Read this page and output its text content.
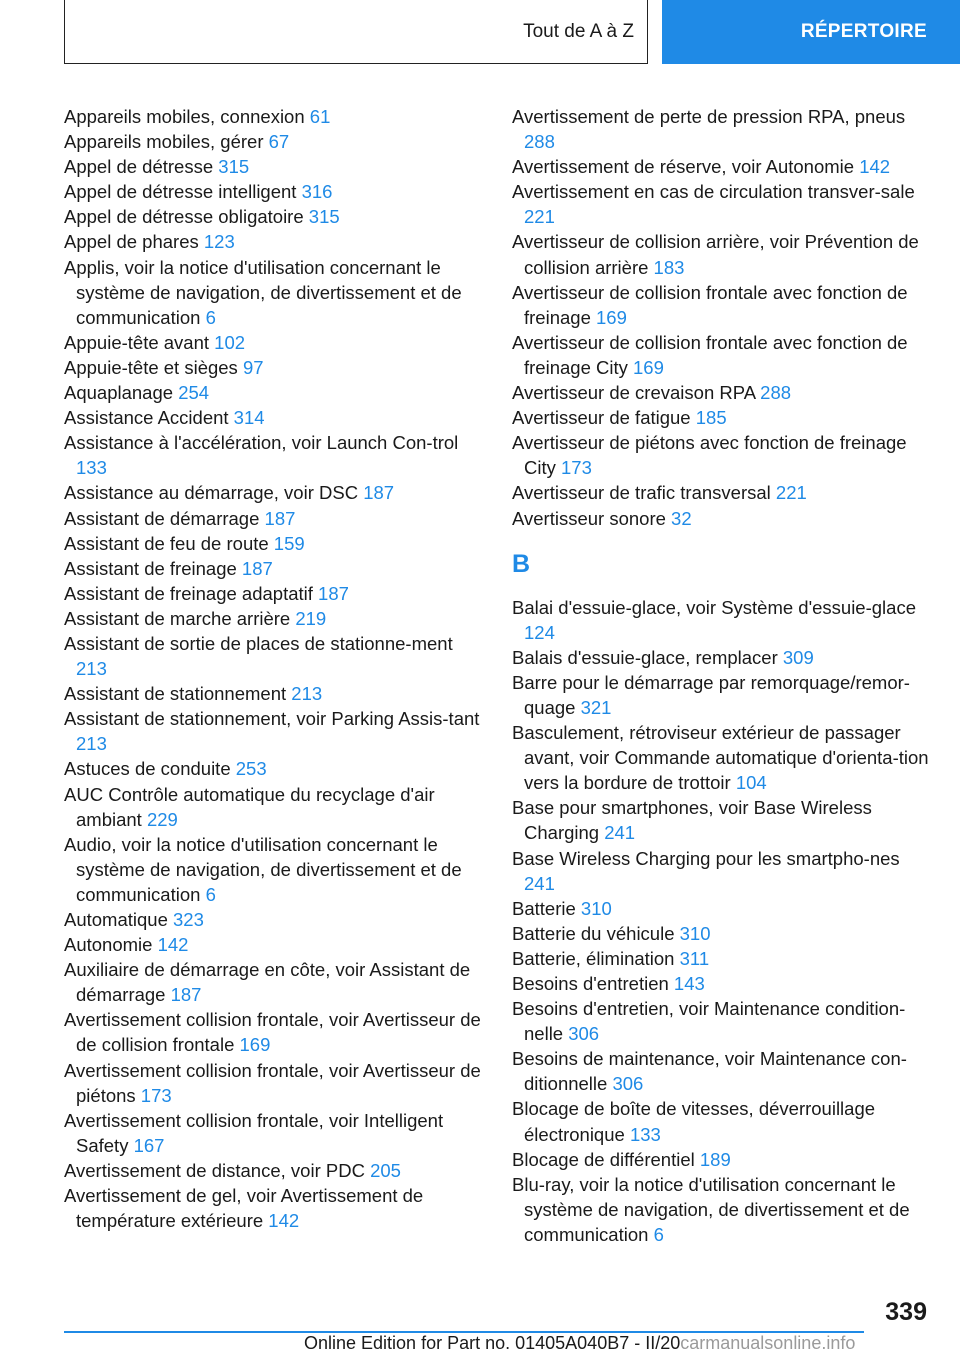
Tout de A à Z	RÉPERTOIRE
Appareils mobiles, connexion 61
Appareils mobiles, gérer 67
Appel de détresse 315
Appel de détresse intelligent 316
Appel de détresse obligatoire 315
Appel de phares 123
Applis, voir la notice d'utilisation concernant le système de navigation, de divertissement et de communication 6
Appuie-tête avant 102
Appuie-tête et sièges 97
Aquaplanage 254
Assistance Accident 314
Assistance à l'accélération, voir Launch Con-trol 133
Assistance au démarrage, voir DSC 187
Assistant de démarrage 187
Assistant de feu de route 159
Assistant de freinage 187
Assistant de freinage adaptatif 187
Assistant de marche arrière 219
Assistant de sortie de places de stationne-ment 213
Assistant de stationnement 213
Assistant de stationnement, voir Parking Assis-tant 213
Astuces de conduite 253
AUC Contrôle automatique du recyclage d'air ambiant 229
Audio, voir la notice d'utilisation concernant le système de navigation, de divertissement et de communication 6
Automatique 323
Autonomie 142
Auxiliaire de démarrage en côte, voir Assistant de démarrage 187
Avertissement collision frontale, voir Avertisseur de de collision frontale 169
Avertissement collision frontale, voir Avertisseur de piétons 173
Avertissement collision frontale, voir Intelligent Safety 167
Avertissement de distance, voir PDC 205
Avertissement de gel, voir Avertissement de température extérieure 142
Avertissement de perte de pression RPA, pneus 288
Avertissement de réserve, voir Autonomie 142
Avertissement en cas de circulation transver-sale 221
Avertisseur de collision arrière, voir Prévention de collision arrière 183
Avertisseur de collision frontale avec fonction de freinage 169
Avertisseur de collision frontale avec fonction de freinage City 169
Avertisseur de crevaison RPA 288
Avertisseur de fatigue 185
Avertisseur de piétons avec fonction de freinage City 173
Avertisseur de trafic transversal 221
Avertisseur sonore 32
B
Balai d'essuie-glace, voir Système d'essuie-glace 124
Balais d'essuie-glace, remplacer 309
Barre pour le démarrage par remorquage/remor-quage 321
Basculement, rétroviseur extérieur de passager avant, voir Commande automatique d'orienta-tion vers la bordure de trottoir 104
Base pour smartphones, voir Base Wireless Charging 241
Base Wireless Charging pour les smartpho-nes 241
Batterie 310
Batterie du véhicule 310
Batterie, élimination 311
Besoins d'entretien 143
Besoins d'entretien, voir Maintenance condition-nelle 306
Besoins de maintenance, voir Maintenance con-ditionnelle 306
Blocage de boîte de vitesses, déverrouillage électronique 133
Blocage de différentiel 189
Blu-ray, voir la notice d'utilisation concernant le système de navigation, de divertissement et de communication 6
339
Online Edition for Part no. 01405A040B7 - II/20carmanualsonline.info
